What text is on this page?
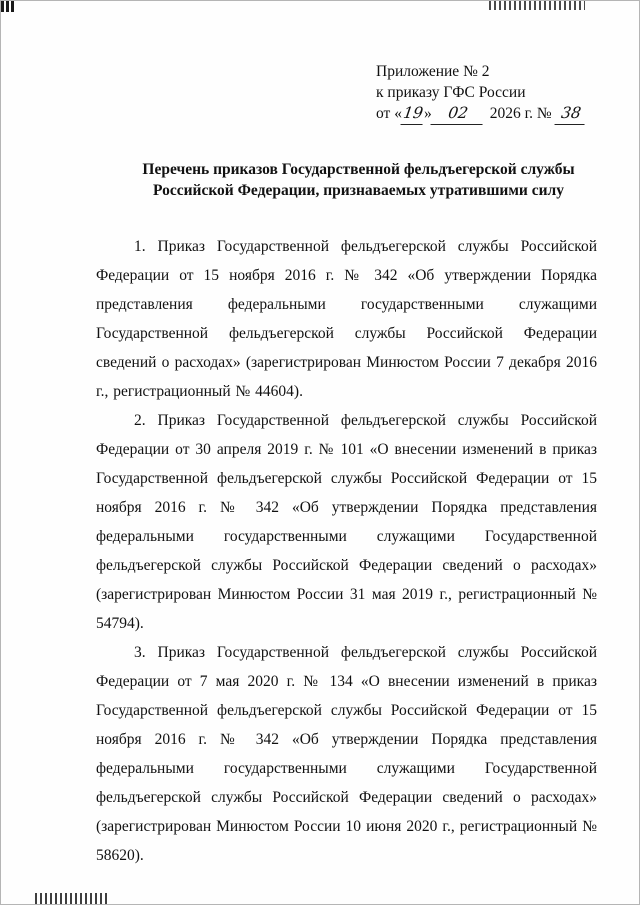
Приложение № 2
к приказу ГФС России
от «19» 02 2026 г. № 38
Перечень приказов Государственной фельдъегерской службы Российской Федерации, признаваемых утратившими силу

1. Приказ Государственной фельдъегерской службы Российской Федерации от 15 ноября 2016 г. № 342 «Об утверждении Порядка представления федеральными государственными служащими Государственной фельдъегерской службы Российской Федерации сведений о расходах» (зарегистрирован Минюстом России 7 декабря 2016 г., регистрационный № 44604).

2. Приказ Государственной фельдъегерской службы Российской Федерации от 30 апреля 2019 г. № 101 «О внесении изменений в приказ Государственной фельдъегерской службы Российской Федерации от 15 ноября 2016 г. № 342 «Об утверждении Порядка представления федеральными государственными служащими Государственной фельдъегерской службы Российской Федерации сведений о расходах» (зарегистрирован Минюстом России 31 мая 2019 г., регистрационный № 54794).

3. Приказ Государственной фельдъегерской службы Российской Федерации от 7 мая 2020 г. № 134 «О внесении изменений в приказ Государственной фельдъегерской службы Российской Федерации от 15 ноября 2016 г. № 342 «Об утверждении Порядка представления федеральными государственными служащими Государственной фельдъегерской службы Российской Федерации сведений о расходах» (зарегистрирован Минюстом России 10 июня 2020 г., регистрационный № 58620).
